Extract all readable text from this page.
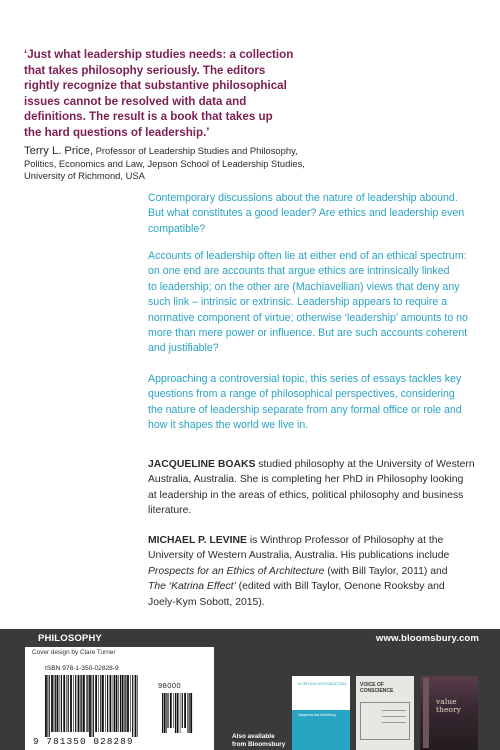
‘Just what leadership studies needs: a collection
that takes philosophy seriously. The editors
rightly recognize that substantive philosophical
issues cannot be resolved with data and
definitions. The result is a book that takes up
the hard questions of leadership.’
Terry L. Price, Professor of Leadership Studies and Philosophy,
Politics, Economics and Law, Jepson School of Leadership Studies,
University of Richmond, USA
Contemporary discussions about the nature of leadership abound.
But what constitutes a good leader? Are ethics and leadership even
compatible?
Accounts of leadership often lie at either end of an ethical spectrum:
on one end are accounts that argue ethics are intrinsically linked
to leadership; on the other are (Machiavellian) views that deny any
such link – intrinsic or extrinsic. Leadership appears to require a
normative component of virtue; otherwise ‘leadership’ amounts to no
more than mere power or influence. But are such accounts coherent
and justifiable?
Approaching a controversial topic, this series of essays tackles key
questions from a range of philosophical perspectives, considering
the nature of leadership separate from any formal office or role and
how it shapes the world we live in.
JACQUELINE BOAKS studied philosophy at the University of Western
Australia, Australia. She is completing her PhD in Philosophy looking
at leadership in the areas of ethics, political philosophy and business
literature.
MICHAEL P. LEVINE is Winthrop Professor of Philosophy at the
University of Western Australia, Australia. His publications include
Prospects for an Ethics of Architecture (with Bill Taylor, 2011) and
The ‘Katrina Effect’ (edited with Bill Taylor, Oenone Rooksby and
Joely-Kym Sobott, 2015).
PHILOSOPHY	www.bloomsbury.com
Cover design by Clare Turner
ISBN 978-1-350-02828-9
98000
9 781350 028289	Also available
from Bloomsbury
A CRITICAL INTRODUCTION
Happiness and Well-Being
VOICE OF CONSCIENCE
value theory
